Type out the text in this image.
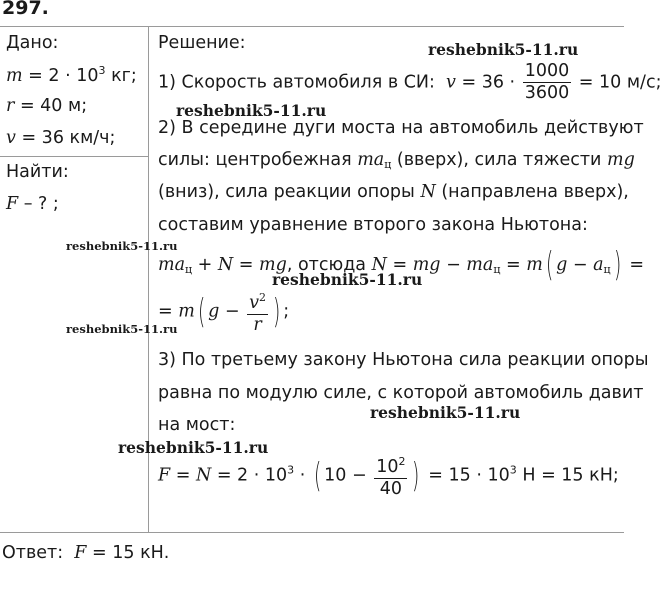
297.
Дано:
$m = 2 \cdot 10^3$ кг;
r = 40 м;
v = 36 км/ч;
Найти:
F – ? ;
Решение:
1) Скорость автомобиля в СИ: $v = 36 \cdot \frac{1000}{3600} = 10$ м/с;
2) В середине дуги моста на автомобиль действуют
силы: центробежная $ma_ц$ (вверх), сила тяжести mg
(вниз), сила реакции опоры N (направлена вверх),
составим уравнение второго закона Ньютона:
$ma_ц + N$ = mg, отсюда N = mg − $ma_ц = m$( $g - a_ц$) =
= m( $g - \frac{v^2}{r}$ ) ;
3) По третьему закону Ньютона сила реакции опоры
равна по модулю силе, с которой автомобиль давит
на мост:
$F = N = 2 \cdot 10^3$ · ( $10 - \frac{10^2}{40}$ ) = $15 \cdot 10^3$ Н = 15 кН;
Ответ: F = 15 кН.
reshebnik5-11.ru
reshebnik5-11.ru
reshebnik5-11.ru
reshebnik5-11.ru
reshebnik5-11.ru
reshebnik5-11.ru
reshebnik5-11.ru
